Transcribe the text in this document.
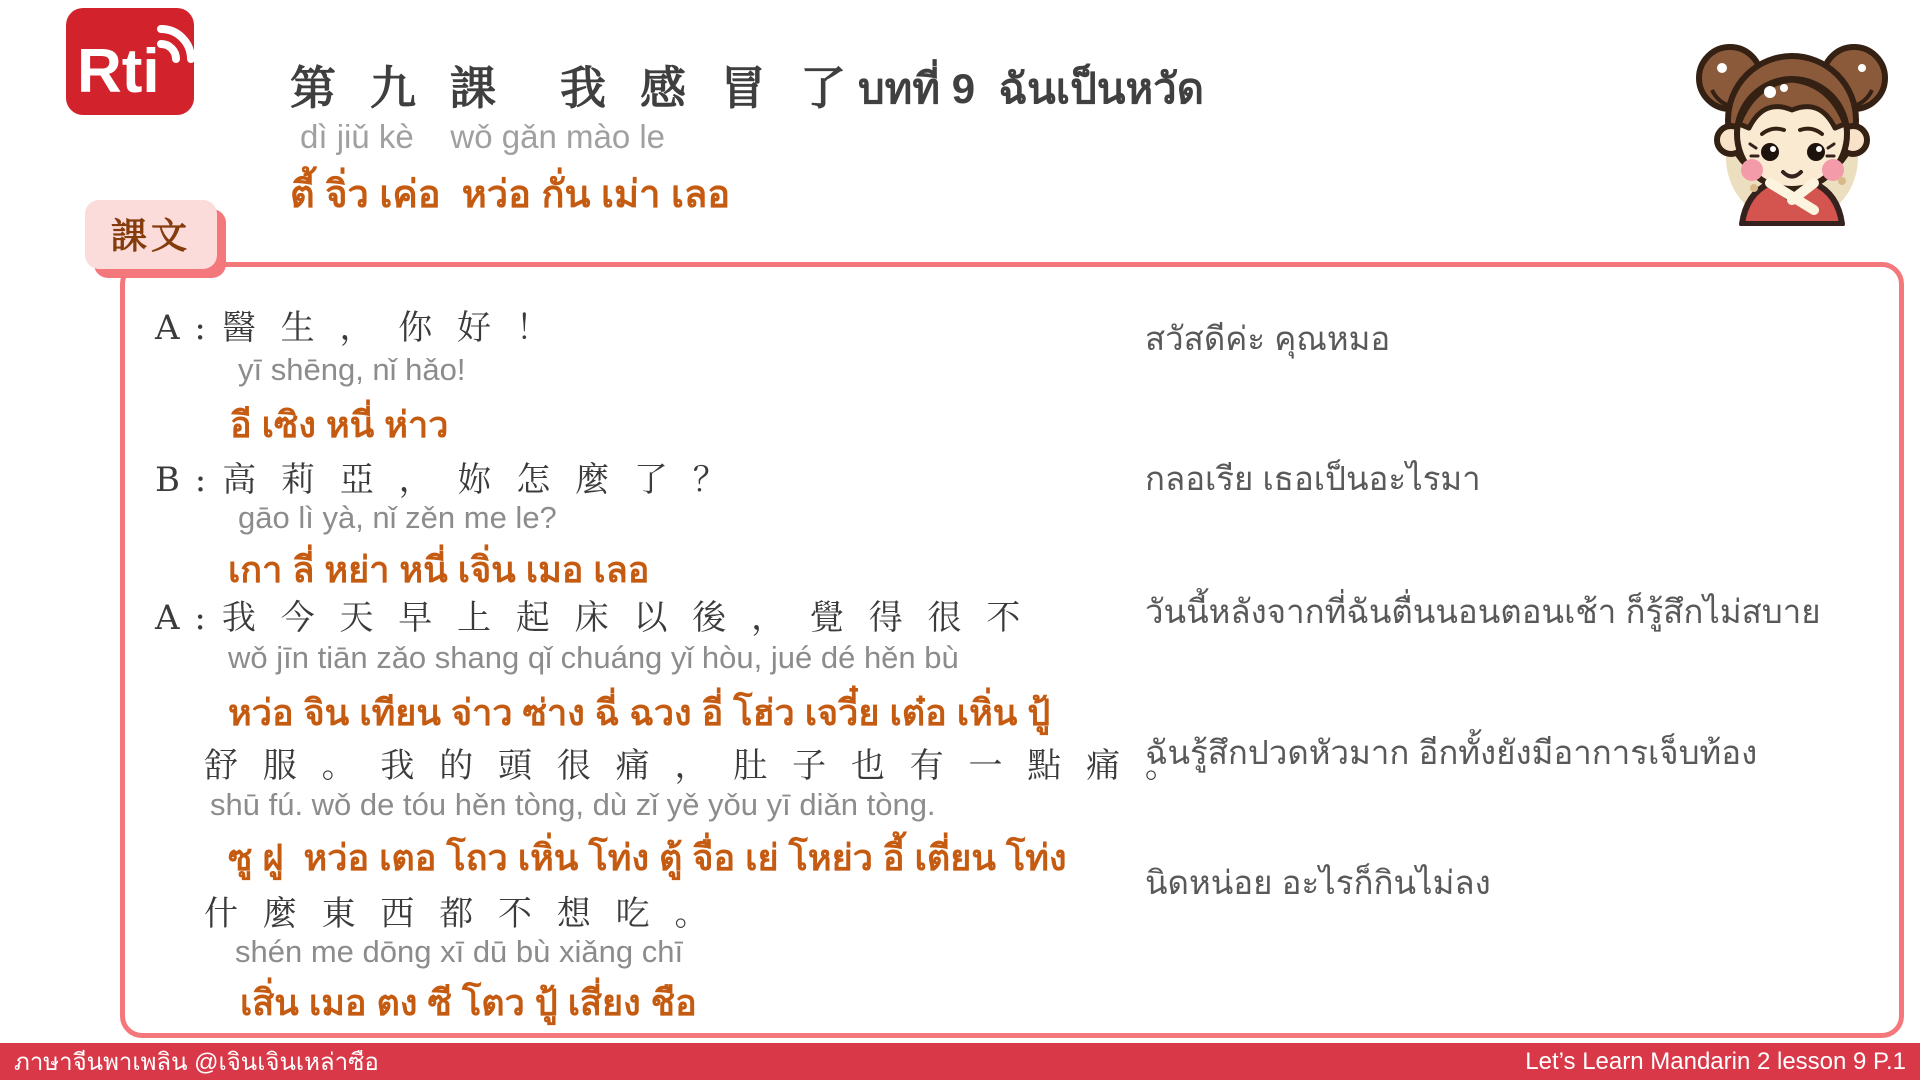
Rti	第 九 課　我 感 冒 了 บทที่ 9  ฉันเป็นหวัด
dì jiǔ kè    wǒ gǎn mào le
ตี้ จิ่ว เค่อ  หว่อ กั่น เม่า เลอ
課文
A : 醫 生 ， 你 好 ！
yī shēng, nǐ hǎo!
อี เซิง หนี่ ห่าว
สวัสดีค่ะ คุณหมอ
B : 高 莉 亞 ， 妳 怎 麼 了 ？
gāo lì yà, nǐ zěn me le?
เกา ลี่ หย่า หนี่ เจิ่น เมอ เลอ
กลอเรีย เธอเป็นอะไรมา
A : 我 今 天 早 上 起 床 以 後 ， 覺 得 很 不
wǒ jīn tiān zǎo shang qǐ chuáng yǐ hòu, jué dé hěn bù
หว่อ จิน เทียน จ่าว ซ่าง ฉี่ ฉวง อี่ โฮ่ว เจวี๋ย เต๋อ เหิ่น ปู้
วันนี้หลังจากที่ฉันตื่นนอนตอนเช้า ก็รู้สึกไม่สบาย
舒 服 。 我 的 頭 很 痛 ， 肚 子 也 有 一 點 痛 。
shū fú. wǒ de tóu hěn tòng, dù zǐ yě yǒu yī diǎn tòng.
ซู ฝู  หว่อ เตอ โถว เหิ่น โท่ง ตู้ จื่อ เย่ โหย่ว อี้ เตี่ยน โท่ง
ฉันรู้สึกปวดหัวมาก อีกทั้งยังมีอาการเจ็บท้อง
什 麼 東 西 都 不 想 吃 。
shén me dōng xī dū bù xiǎng chī
เสิ่น เมอ ตง ซี โตว ปู้ เสี่ยง ชือ
นิดหน่อย อะไรก็กินไม่ลง
ภาษาจีนพาเพลิน @เจินเจินเหล่าซือ	Let’s Learn Mandarin 2 lesson 9 P.1
